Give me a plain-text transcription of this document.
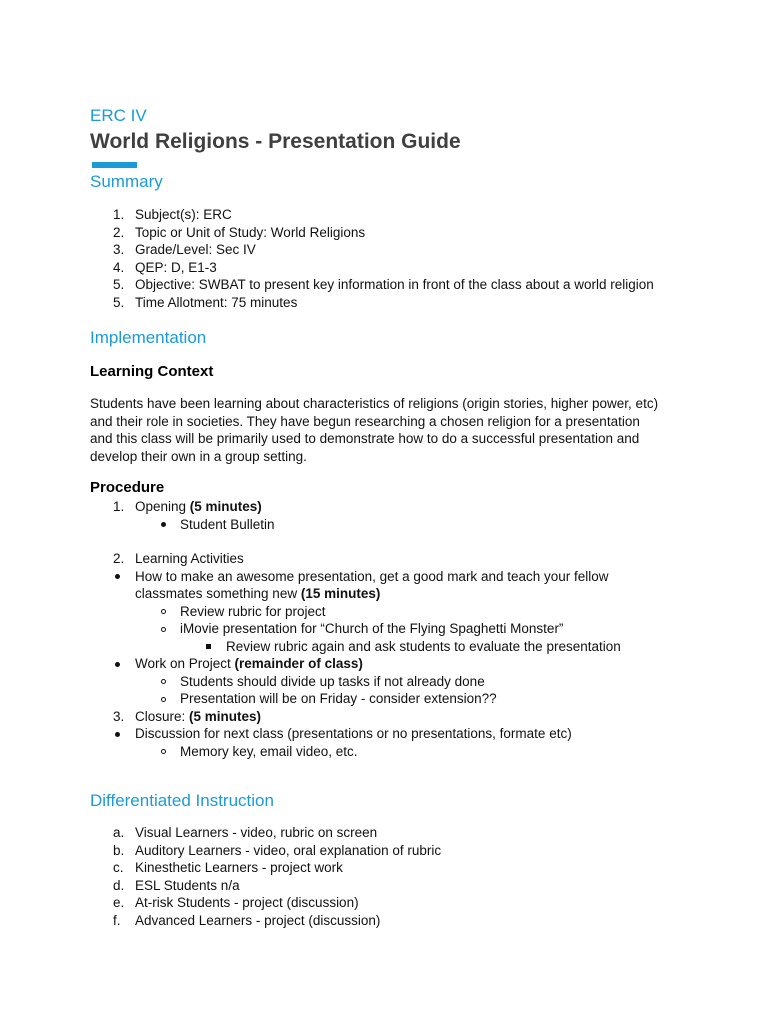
ERC IV
World Religions - Presentation Guide
Summary
1. Subject(s): ERC
2. Topic or Unit of Study: World Religions
3. Grade/Level: Sec IV
4. QEP: D, E1-3
5. Objective: SWBAT to present key information in front of the class about a world religion
5. Time Allotment: 75 minutes
Implementation
Learning Context
Students have been learning about characteristics of religions (origin stories, higher power, etc)
and their role in societies. They have begun researching a chosen religion for a presentation
and this class will be primarily used to demonstrate how to do a successful presentation and
develop their own in a group setting.
Procedure
1. Opening (5 minutes)
Student Bulletin
2. Learning Activities
How to make an awesome presentation, get a good mark and teach your fellow
classmates something new (15 minutes)
Review rubric for project
iMovie presentation for “Church of the Flying Spaghetti Monster”
Review rubric again and ask students to evaluate the presentation
Work on Project (remainder of class)
Students should divide up tasks if not already done
Presentation will be on Friday - consider extension??
3. Closure: (5 minutes)
Discussion for next class (presentations or no presentations, formate etc)
Memory key, email video, etc.
Differentiated Instruction
a. Visual Learners - video, rubric on screen
b. Auditory Learners - video, oral explanation of rubric
c. Kinesthetic Learners - project work
d. ESL Students n/a
e. At-risk Students - project (discussion)
f. Advanced Learners - project (discussion)
